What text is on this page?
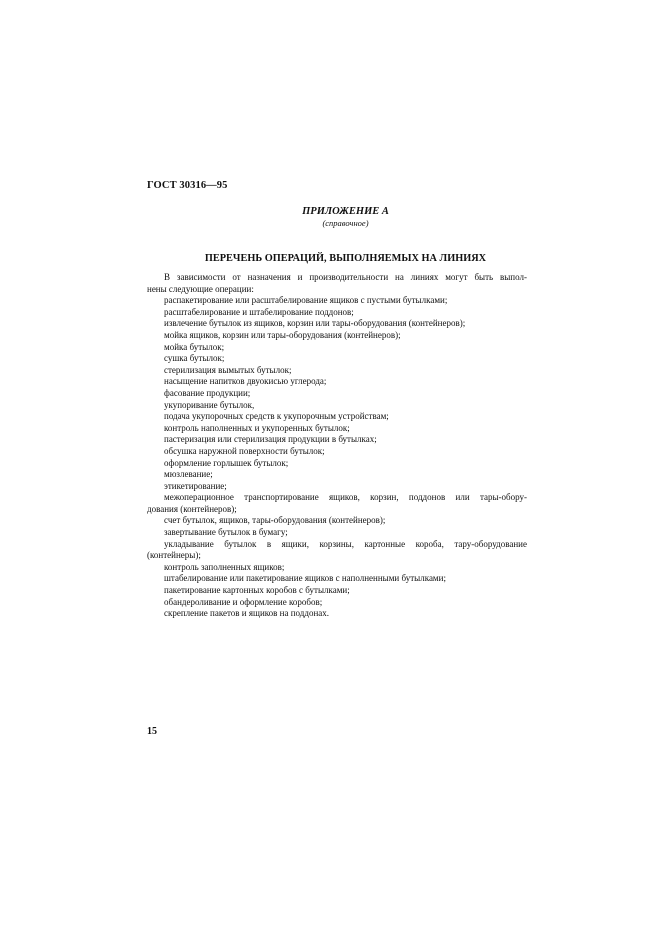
ГОСТ 30316—95
ПРИЛОЖЕНИЕ А
(справочное)
ПЕРЕЧЕНЬ ОПЕРАЦИЙ, ВЫПОЛНЯЕМЫХ НА ЛИНИЯХ
В зависимости от назначения и производительности на линиях могут быть выпол-
нены следующие операции:
распакетирование или расштабелирование ящиков с пустыми бутылками;
расштабелирование и штабелирование поддонов;
извлечение бутылок из ящиков, корзин или тары-оборудования (контейнеров);
мойка ящиков, корзин или тары-оборудования (контейнеров);
мойка бутылок;
сушка бутылок;
стерилизация вымытых бутылок;
насыщение напитков двуокисью углерода;
фасование продукции;
укупоривание бутылок,
подача укупорочных средств к укупорочным устройствам;
контроль наполненных и укупоренных бутылок;
пастеризация или стерилизация продукции в бутылках;
обсушка наружной поверхности бутылок;
оформление горлышек бутылок;
мюзлевание;
этикетирование;
межоперационное транспортирование ящиков, корзин, поддонов или тары-обору-
дования (контейнеров);
счет бутылок, ящиков, тары-оборудования (контейнеров);
завертывание бутылок в бумагу;
укладывание бутылок в ящики, корзины, картонные короба, тару-оборудование
(контейнеры);
контроль заполненных ящиков;
штабелирование или пакетирование ящиков с наполненными бутылками;
пакетирование картонных коробов с бутылками;
обандероливание и оформление коробов;
скрепление пакетов и ящиков на поддонах.
15
